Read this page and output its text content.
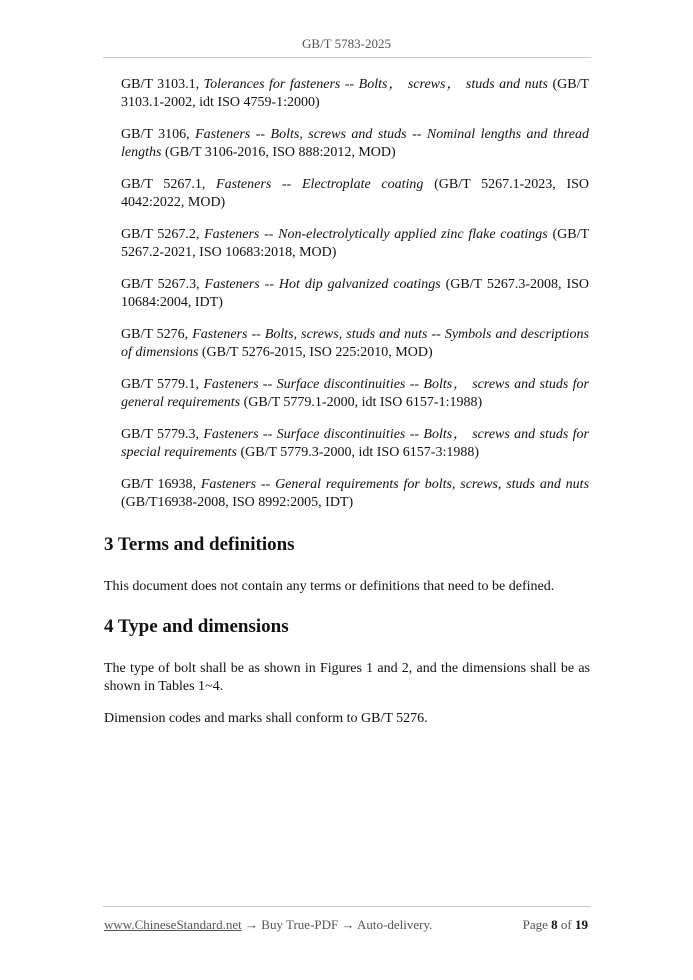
GB/T 5783-2025
GB/T 3103.1, Tolerances for fasteners -- Bolts， screws， studs and nuts (GB/T 3103.1-2002, idt ISO 4759-1:2000)
GB/T 3106, Fasteners -- Bolts, screws and studs -- Nominal lengths and thread lengths (GB/T 3106-2016, ISO 888:2012, MOD)
GB/T 5267.1, Fasteners -- Electroplate coating (GB/T 5267.1-2023, ISO 4042:2022, MOD)
GB/T 5267.2, Fasteners -- Non-electrolytically applied zinc flake coatings (GB/T 5267.2-2021, ISO 10683:2018, MOD)
GB/T 5267.3, Fasteners -- Hot dip galvanized coatings (GB/T 5267.3-2008, ISO 10684:2004, IDT)
GB/T 5276, Fasteners -- Bolts, screws, studs and nuts -- Symbols and descriptions of dimensions (GB/T 5276-2015, ISO 225:2010, MOD)
GB/T 5779.1, Fasteners -- Surface discontinuities -- Bolts， screws and studs for general requirements (GB/T 5779.1-2000, idt ISO 6157-1:1988)
GB/T 5779.3, Fasteners -- Surface discontinuities -- Bolts， screws and studs for special requirements (GB/T 5779.3-2000, idt ISO 6157-3:1988)
GB/T 16938, Fasteners -- General requirements for bolts, screws, studs and nuts (GB/T16938-2008, ISO 8992:2005, IDT)
3 Terms and definitions

This document does not contain any terms or definitions that need to be defined.

4 Type and dimensions

The type of bolt shall be as shown in Figures 1 and 2, and the dimensions shall be as shown in Tables 1~4.

Dimension codes and marks shall conform to GB/T 5276.

www.ChineseStandard.net → Buy True-PDF → Auto-delivery.	Page 8 of 19
